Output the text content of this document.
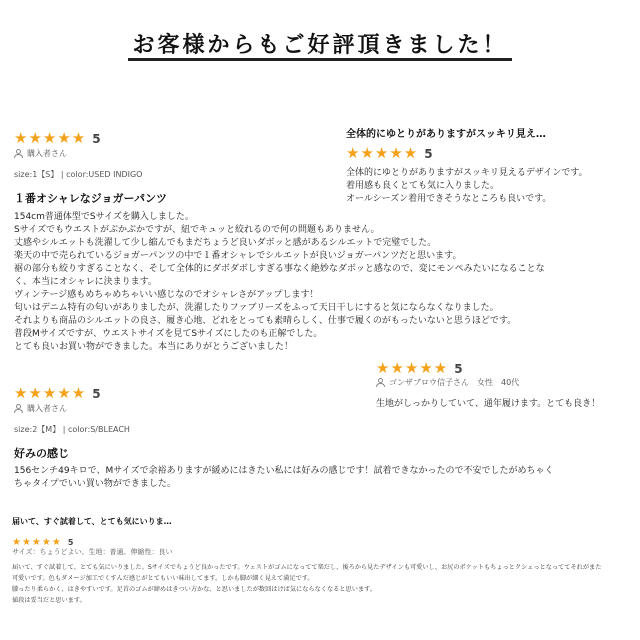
お客様からもご好評頂きました！
★★★★★ 5
購入者さん
size:1【S】 | color:USED INDIGO
１番オシャレなジョガーパンツ
154cm普通体型でSサイズを購入しました。
Sサイズでもウエストがぶかぶかですが、紐でキュッと絞れるので何の問題もありません。
丈感やシルエットも洗濯して少し縮んでもまだちょうど良いダボッと感があるシルエットで完璧でした。
楽天の中で売られているジョガーパンツの中で１番オシャレでシルエットが良いジョガーパンツだと思います。
裾の部分も絞りすぎることなく、そして全体的にダボダボしすぎる事なく絶妙なダボッと感なので、変にモンペみたいになることな
く、本当にオシャレに決まります。
ヴィンテージ感もめちゃめちゃいい感じなのでオシャレさがアップします！
匂いはデニム特有の匂いがありましたが、洗濯したりファブリーズをふって天日干しにすると気にならなくなりました。
それよりも商品のシルエットの良さ、履き心地、どれをとっても素晴らしく、仕事で履くのがもったいないと思うほどです。
普段Mサイズですが、ウエストサイズを見てSサイズにしたのも正解でした。
とても良いお買い物ができました。本当にありがとうございました！
全体的にゆとりがありますがスッキリ見え…
★★★★★ 5
全体的にゆとりがありますがスッキリ見えるデザインです。
着用感も良くとても気に入りました。
オールシーズン着用できそうなところも良いです。
★★★★★ 5
ゴンザブロウ信子さん　女性　40代
生地がしっかりしていて、通年履けます。とても良き！
★★★★★ 5
購入者さん
size:2【M】 | color:S/BLEACH
好みの感じ
156センチ49キロで、Mサイズで余裕ありますが緩めにはきたい私には好みの感じです！試着できなかったので不安でしたがめちゃく
ちゃタイプでいい買い物ができました。
届いて、すぐ試着して、とても気にいりま…
★★★★★ 5
サイズ：ちょうどよい、生地：普通、伸縮性：良い
届いて、すぐ試着して、とても気にいりました。Sサイズでちょうど良かったです。ウェストがゴムになってて楽だし、後ろから見たデザインも可愛いし、お尻のポケットもちょっとクシュっとなっててそれがまた
可愛いです。色もダメージ加工でくすんだ感じがとてもいい味出してます。しかも脚が細く見えて満足です。
膝ったり柔らかく、はきやすいです。足首のゴムが締めはきつい方かな、と思いましたが数回はけば気にならなくなると思います。
値段は妥当だと思います。
